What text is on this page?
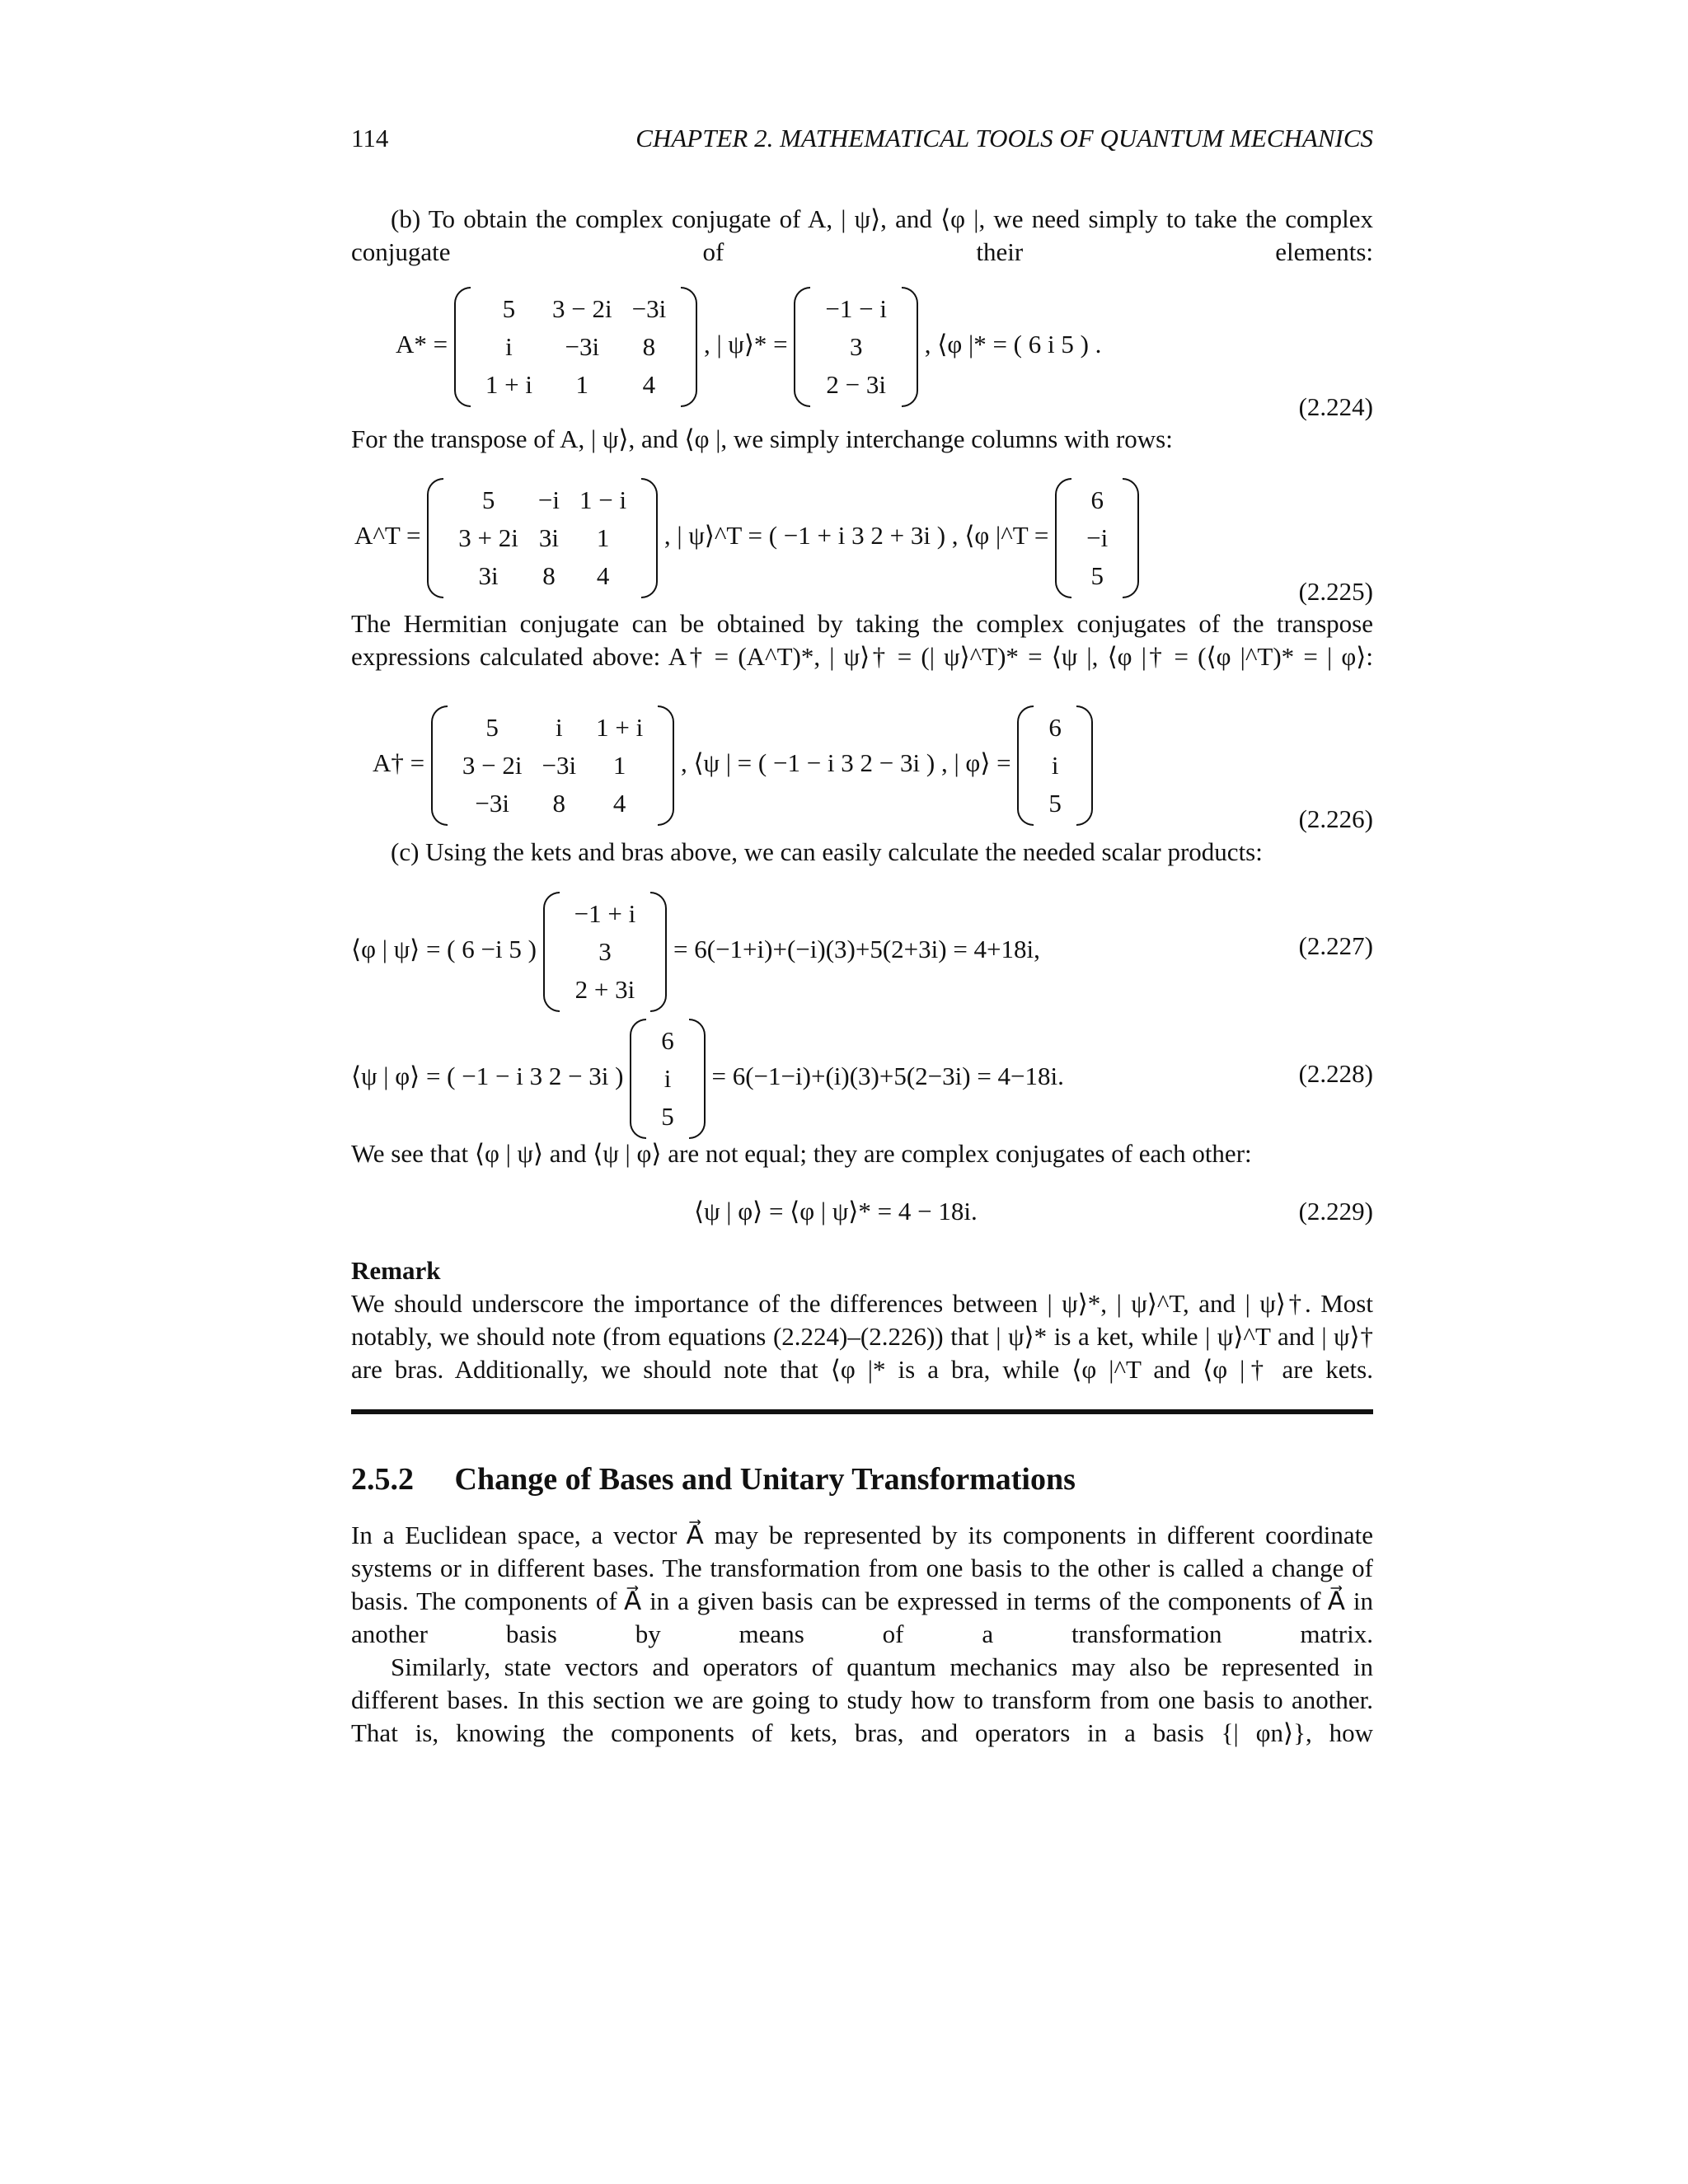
114	CHAPTER 2. MATHEMATICAL TOOLS OF QUANTUM MECHANICS
(b) To obtain the complex conjugate of A, | ψ⟩, and ⟨φ |, we need simply to take the complex conjugate of their elements:
A* =
5	3 − 2i	−3i
i	−3i	8
1 + i	1	4
, | ψ⟩* =
−1 − i
3
2 − 3i
, ⟨φ |* = ( 6 i 5 ) .
(2.224)
For the transpose of A, | ψ⟩, and ⟨φ |, we simply interchange columns with rows:
A^T =
5	−i	1 − i
3 + 2i	3i	1
3i	8	4
, | ψ⟩^T = ( −1 + i 3 2 + 3i ) , ⟨φ |^T =
6
−i
5
(2.225)
The Hermitian conjugate can be obtained by taking the complex conjugates of the transpose expressions calculated above: A† = (A^T)*, | ψ⟩† = (| ψ⟩^T)* = ⟨ψ |, ⟨φ |† = (⟨φ |^T)* = | φ⟩:
A† =
5	i	1 + i
3 − 2i	−3i	1
−3i	8	4
, ⟨ψ | = ( −1 − i 3 2 − 3i ) , | φ⟩ =
6
i
5
(2.226)
(c) Using the kets and bras above, we can easily calculate the needed scalar products:
⟨φ | ψ⟩ = ( 6 −i 5 )
−1 + i
3
2 + 3i
= 6(−1+i)+(−i)(3)+5(2+3i) = 4+18i,	(2.227)
⟨ψ | φ⟩ = ( −1 − i 3 2 − 3i )
6
i
5
= 6(−1−i)+(i)(3)+5(2−3i) = 4−18i.	(2.228)
We see that ⟨φ | ψ⟩ and ⟨ψ | φ⟩ are not equal; they are complex conjugates of each other:
⟨ψ | φ⟩ = ⟨φ | ψ⟩* = 4 − 18i.	(2.229)
Remark
We should underscore the importance of the differences between | ψ⟩*, | ψ⟩^T, and | ψ⟩†. Most notably, we should note (from equations (2.224)–(2.226)) that | ψ⟩* is a ket, while | ψ⟩^T and | ψ⟩† are bras. Additionally, we should note that ⟨φ |* is a bra, while ⟨φ |^T and ⟨φ |† are kets.
2.5.2 Change of Bases and Unitary Transformations
In a Euclidean space, a vector A⃗ may be represented by its components in different coordinate systems or in different bases. The transformation from one basis to the other is called a change of basis. The components of A⃗ in a given basis can be expressed in terms of the components of A⃗ in another basis by means of a transformation matrix.
Similarly, state vectors and operators of quantum mechanics may also be represented in different bases. In this section we are going to study how to transform from one basis to another. That is, knowing the components of kets, bras, and operators in a basis {| φn⟩}, how
